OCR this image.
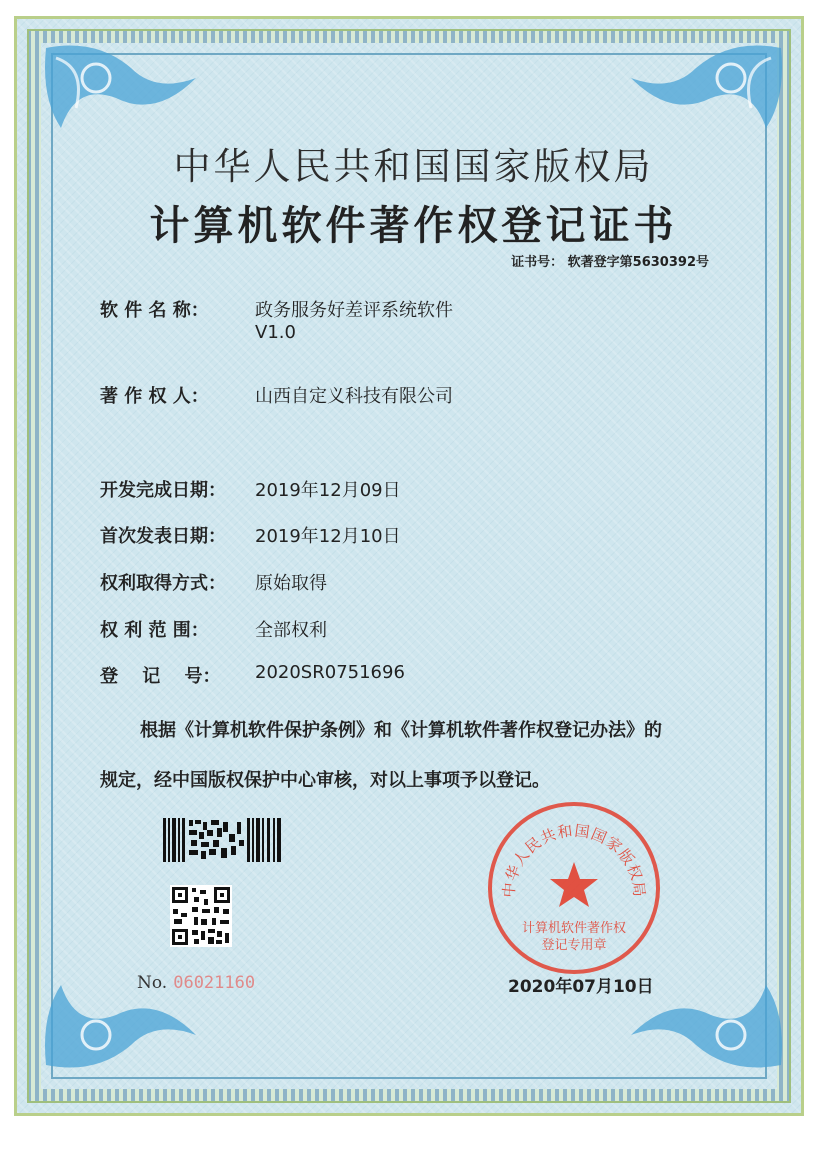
中华人民共和国国家版权局
计算机软件著作权登记证书
证书号： 软著登字第5630392号
软 件 名 称：	政务服务好差评系统软件
V1.0
著 作 权 人：	山西自定义科技有限公司
开发完成日期： 2019年12月09日
首次发表日期： 2019年12月10日
权利取得方式： 原始取得
权 利 范 围：	全部权利
登　 记　 号： 2020SR0751696
根据《计算机软件保护条例》和《计算机软件著作权登记办法》的
规定，经中国版权保护中心审核，对以上事项予以登记。
No. 06021160
中华人民共和国国家版权局
计算机软件著作权
登记专用章
2020年07月10日
